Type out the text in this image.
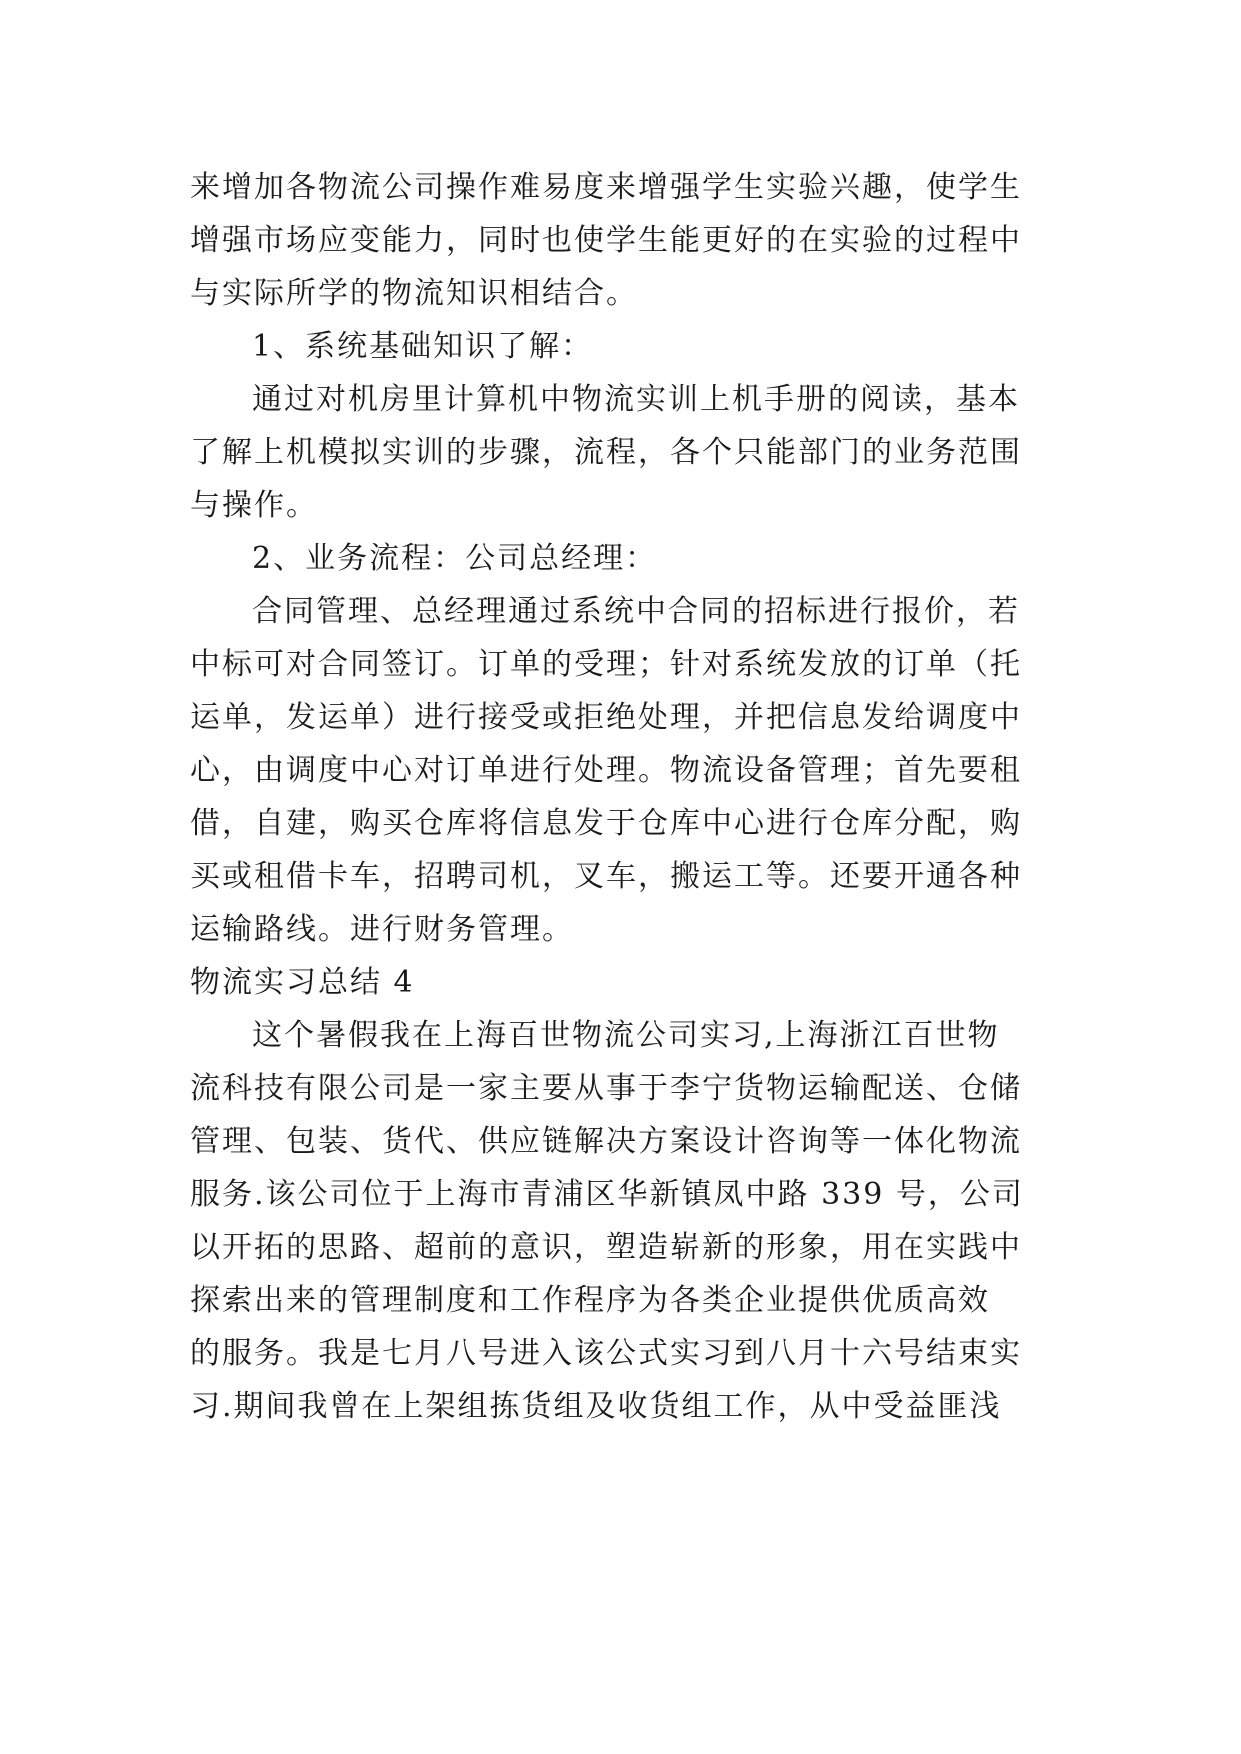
来增加各物流公司操作难易度来增强学生实验兴趣，使学生
增强市场应变能力，同时也使学生能更好的在实验的过程中
与实际所学的物流知识相结合。
1、系统基础知识了解：
通过对机房里计算机中物流实训上机手册的阅读，基本
了解上机模拟实训的步骤，流程，各个只能部门的业务范围
与操作。
2、业务流程：公司总经理：
合同管理、总经理通过系统中合同的招标进行报价，若
中标可对合同签订。订单的受理；针对系统发放的订单（托
运单，发运单）进行接受或拒绝处理，并把信息发给调度中
心，由调度中心对订单进行处理。物流设备管理；首先要租
借，自建，购买仓库将信息发于仓库中心进行仓库分配，购
买或租借卡车，招聘司机，叉车，搬运工等。还要开通各种
运输路线。进行财务管理。
物流实习总结 4
这个暑假我在上海百世物流公司实习,上海浙江百世物
流科技有限公司是一家主要从事于李宁货物运输配送、仓储
管理、包装、货代、供应链解决方案设计咨询等一体化物流
服务.该公司位于上海市青浦区华新镇凤中路 339 号，公司
以开拓的思路、超前的意识，塑造崭新的形象，用在实践中
探索出来的管理制度和工作程序为各类企业提供优质高效
的服务。我是七月八号进入该公式实习到八月十六号结束实
习.期间我曾在上架组拣货组及收货组工作，从中受益匪浅
